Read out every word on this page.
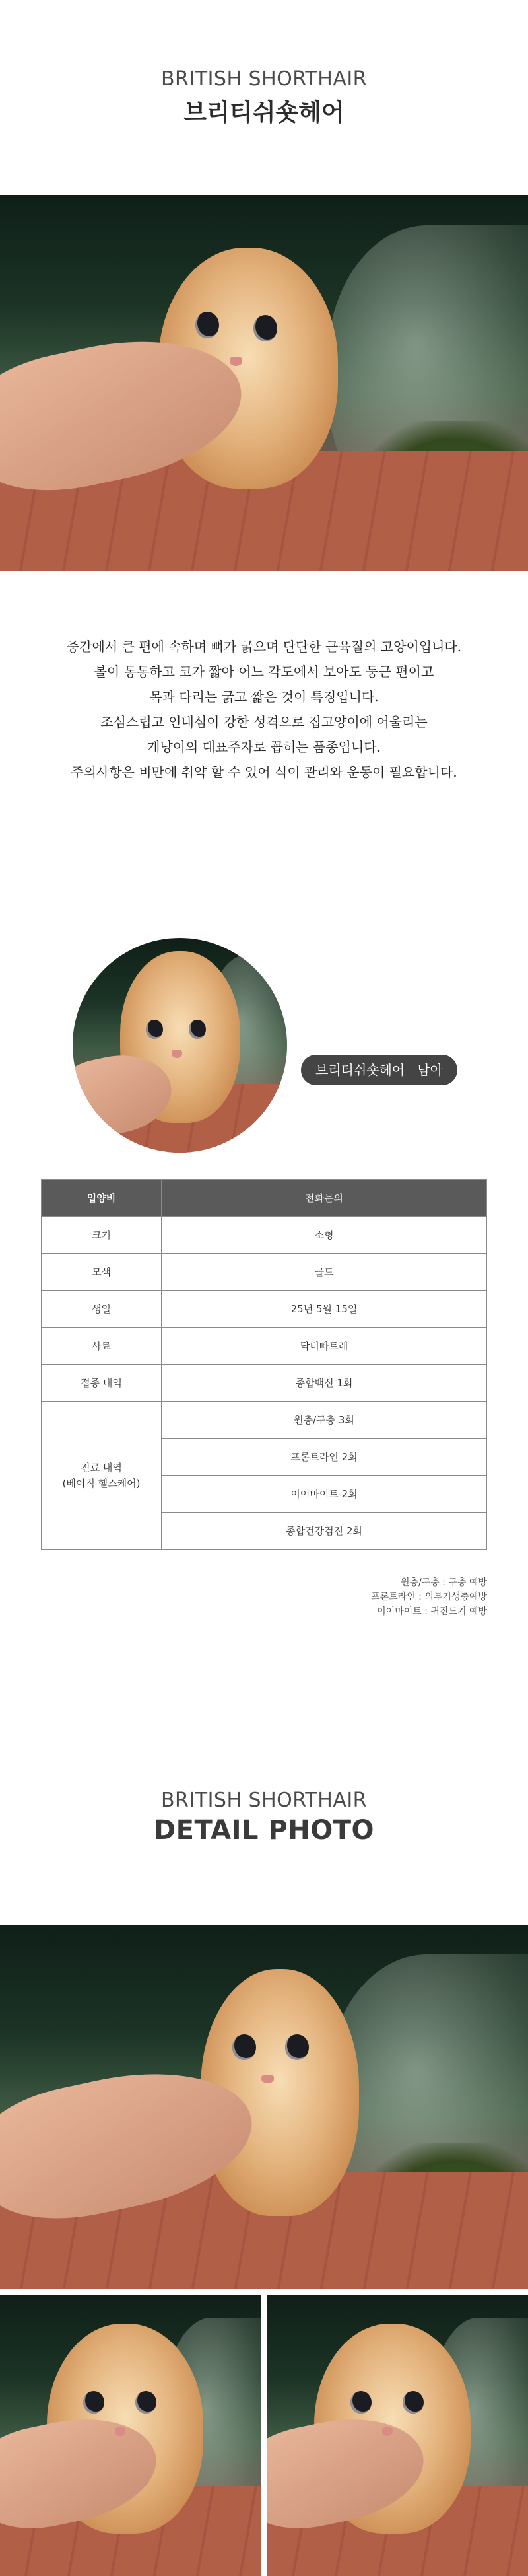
BRITISH SHORTHAIR
브리티쉬숏헤어

중간에서 큰 편에 속하며 뼈가 굵으며 단단한 근육질의 고양이입니다.

볼이 통통하고 코가 짧아 어느 각도에서 보아도 둥근 편이고

목과 다리는 굵고 짧은 것이 특징입니다.

조심스럽고 인내심이 강한 성격으로 집고양이에 어울리는

개냥이의 대표주자로 꼽히는 품종입니다.

주의사항은 비만에 취약 할 수 있어 식이 관리와 운동이 필요합니다.

브리티쉬숏헤어   남아
입양비	전화문의
크기	소형
모색	골드
생일	25년 5월 15일
사료	닥터빠트레
접종 내역	종합백신 1회
진료 내역
(베이직 헬스케어)	원충/구충 3회
	프론트라인 2회
	이어마이트 2회
	종합건강검진 2회
원충/구충 : 구충 예방
프론트라인 : 외부기생충예방
이어마이트 : 귀진드기 예방
BRITISH SHORTHAIR
DETAIL PHOTO
